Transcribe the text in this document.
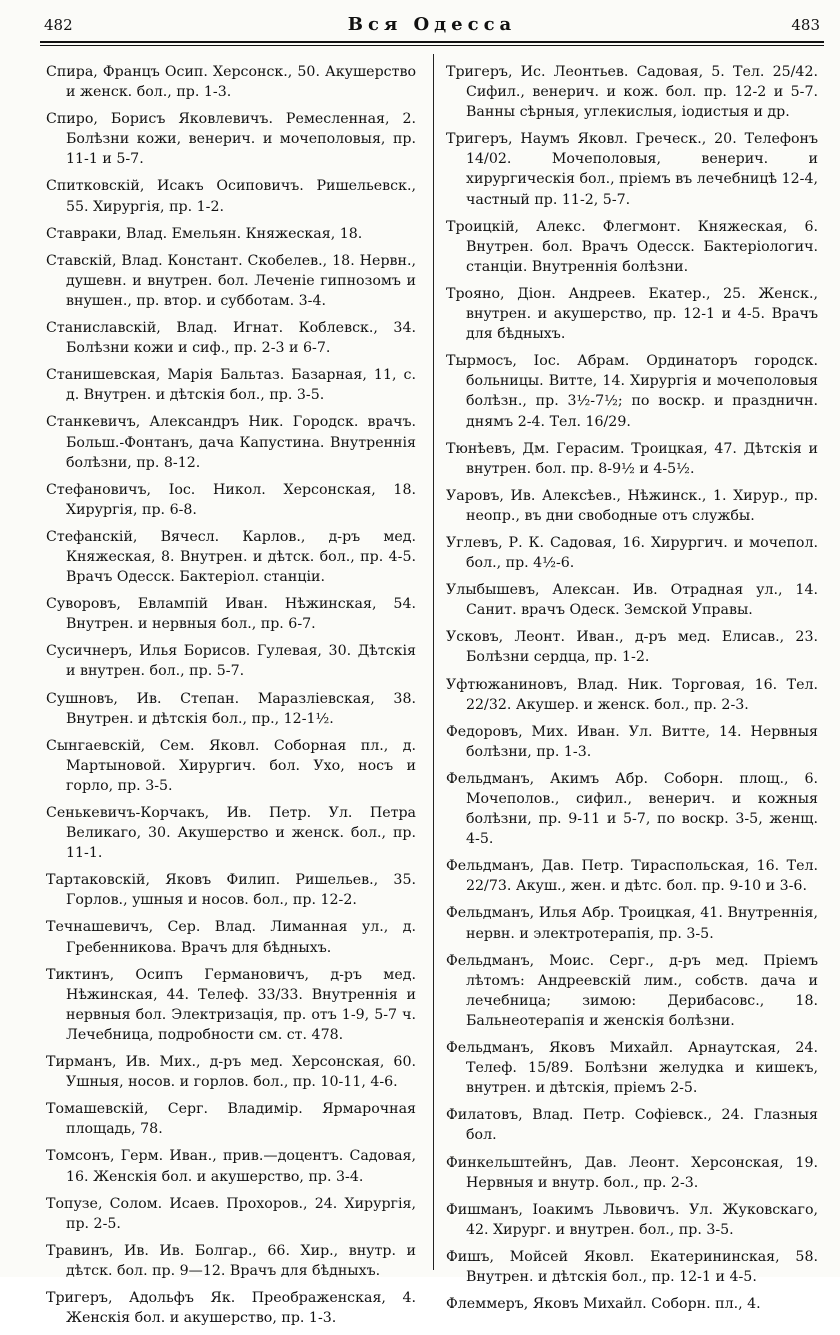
482	Вся Одесса	483

Спира, Францъ Осип. Херсонск., 50. Акушерство и женск. бол., пр. 1-3.

Спиро, Борисъ Яковлевичъ. Ремесленная, 2. Болѣзни кожи, венерич. и мочеполовыя, пр. 11-1 и 5-7.

Спитковскій, Исакъ Осиповичъ. Ришельевск., 55. Хирургія, пр. 1-2.

Ставраки, Влад. Емельян. Княжеская, 18.

Ставскій, Влад. Констант. Скобелев., 18. Нервн., душевн. и внутрен. бол. Леченіе гипнозомъ и внушен., пр. втор. и субботам. 3-4.

Станиславскій, Влад. Игнат. Коблевск., 34. Болѣзни кожи и сиф., пр. 2-3 и 6-7.

Станишевская, Марія Бальтаз. Базарная, 11, с. д. Внутрен. и дѣтскія бол., пр. 3-5.

Станкевичъ, Александръ Ник. Городск. врачъ. Больш.-Фонтанъ, дача Капустина. Внутреннія болѣзни, пр. 8-12.

Стефановичъ, Іос. Никол. Херсонская, 18. Хирургія, пр. 6-8.

Стефанскій, Вячесл. Карлов., д-ръ мед. Княжеская, 8. Внутрен. и дѣтск. бол., пр. 4-5. Врачъ Одесск. Бактеріол. станціи.

Суворовъ, Евлампій Иван. Нѣжинская, 54. Внутрен. и нервныя бол., пр. 6-7.

Сусичнеръ, Илья Борисов. Гулевая, 30. Дѣтскія и внутрен. бол., пр. 5-7.

Сушновъ, Ив. Степан. Маразліевская, 38. Внутрен. и дѣтскія бол., пр., 12-1½.

Сынгаевскій, Сем. Яковл. Соборная пл., д. Мартыновой. Хирургич. бол. Ухо, носъ и горло, пр. 3-5.

Сенькевичъ-Корчакъ, Ив. Петр. Ул. Петра Великаго, 30. Акушерство и женск. бол., пр. 11-1.

Тартаковскій, Яковъ Филип. Ришельев., 35. Горлов., ушныя и носов. бол., пр. 12-2.

Течнашевичъ, Сер. Влад. Лиманная ул., д. Гребенникова. Врачъ для бѣдныхъ.

Тиктинъ, Осипъ Германовичъ, д-ръ мед. Нѣжинская, 44. Телеф. 33/33. Внутреннія и нервныя бол. Электризація, пр. отъ 1-9, 5-7 ч. Лечебница, подробности см. ст. 478.

Тирманъ, Ив. Мих., д-ръ мед. Херсонская, 60. Ушныя, носов. и горлов. бол., пр. 10-11, 4-6.

Томашевскій, Серг. Владимір. Ярмарочная площадь, 78.

Томсонъ, Герм. Иван., прив.—доцентъ. Садовая, 16. Женскія бол. и акушерство, пр. 3-4.

Топузе, Солом. Исаев. Прохоров., 24. Хирургія, пр. 2-5.

Травинъ, Ив. Ив. Болгар., 66. Хир., внутр. и дѣтск. бол. пр. 9—12. Врачъ для бѣдныхъ.

Тригеръ, Адольфъ Як. Преображенская, 4. Женскія бол. и акушерство, пр. 1-3.

Тригеръ, Ис. Леонтьев. Садовая, 5. Тел. 25/42. Сифил., венерич. и кож. бол. пр. 12-2 и 5-7. Ванны сѣрныя, углекислыя, іодистыя и др.

Тригеръ, Наумъ Яковл. Греческ., 20. Телефонъ 14/02. Мочеполовыя, венерич. и хирургическія бол., пріемъ въ лечебницѣ 12-4, частный пр. 11-2, 5-7.

Троицкій, Алекс. Флегмонт. Княжеская, 6. Внутрен. бол. Врачъ Одесск. Бактеріологич. станціи. Внутреннія болѣзни.

Трояно, Діон. Андреев. Екатер., 25. Женск., внутрен. и акушерство, пр. 12-1 и 4-5. Врачъ для бѣдныхъ.

Тырмосъ, Іос. Абрам. Ординаторъ городск. больницы. Витте, 14. Хирургія и мочеполовыя болѣзн., пр. 3½-7½; по воскр. и праздничн. днямъ 2-4. Тел. 16/29.

Тюнѣевъ, Дм. Герасим. Троицкая, 47. Дѣтскія и внутрен. бол. пр. 8-9½ и 4-5½.

Уаровъ, Ив. Алексѣев., Нѣжинск., 1. Хирур., пр. неопр., въ дни свободные отъ службы.

Углевъ, Р. К. Садовая, 16. Хирургич. и мочепол. бол., пр. 4½-6.

Улыбышевъ, Алексан. Ив. Отрадная ул., 14. Санит. врачъ Одеск. Земской Управы.

Усковъ, Леонт. Иван., д-ръ мед. Елисав., 23. Болѣзни сердца, пр. 1-2.

Уфтюжаниновъ, Влад. Ник. Торговая, 16. Тел. 22/32. Акушер. и женск. бол., пр. 2-3.

Федоровъ, Мих. Иван. Ул. Витте, 14. Нервныя болѣзни, пр. 1-3.

Фельдманъ, Акимъ Абр. Соборн. площ., 6. Мочеполов., сифил., венерич. и кожныя болѣзни, пр. 9-11 и 5-7, по воскр. 3-5, женщ. 4-5.

Фельдманъ, Дав. Петр. Тираспольская, 16. Тел. 22/73. Акуш., жен. и дѣтс. бол. пр. 9-10 и 3-6.

Фельдманъ, Илья Абр. Троицкая, 41. Внутреннія, нервн. и электротерапія, пр. 3-5.

Фельдманъ, Моис. Серг., д-ръ мед. Пріемъ лѣтомъ: Андреевскій лим., собств. дача и лечебница; зимою: Дерибасовс., 18. Бальнеотерапія и женскія болѣзни.

Фельдманъ, Яковъ Михайл. Арнаутская, 24. Телеф. 15/89. Болѣзни желудка и кишекъ, внутрен. и дѣтскія, пріемъ 2-5.

Филатовъ, Влад. Петр. Софіевск., 24. Глазныя бол.

Финкельштейнъ, Дав. Леонт. Херсонская, 19. Нервныя и внутр. бол., пр. 2-3.

Фишманъ, Іоакимъ Львовичъ. Ул. Жуковскаго, 42. Хирург. и внутрен. бол., пр. 3-5.

Фишъ, Мойсей Яковл. Екатерининская, 58. Внутрен. и дѣтскія бол., пр. 12-1 и 4-5.

Флеммеръ, Яковъ Михайл. Соборн. пл., 4.
